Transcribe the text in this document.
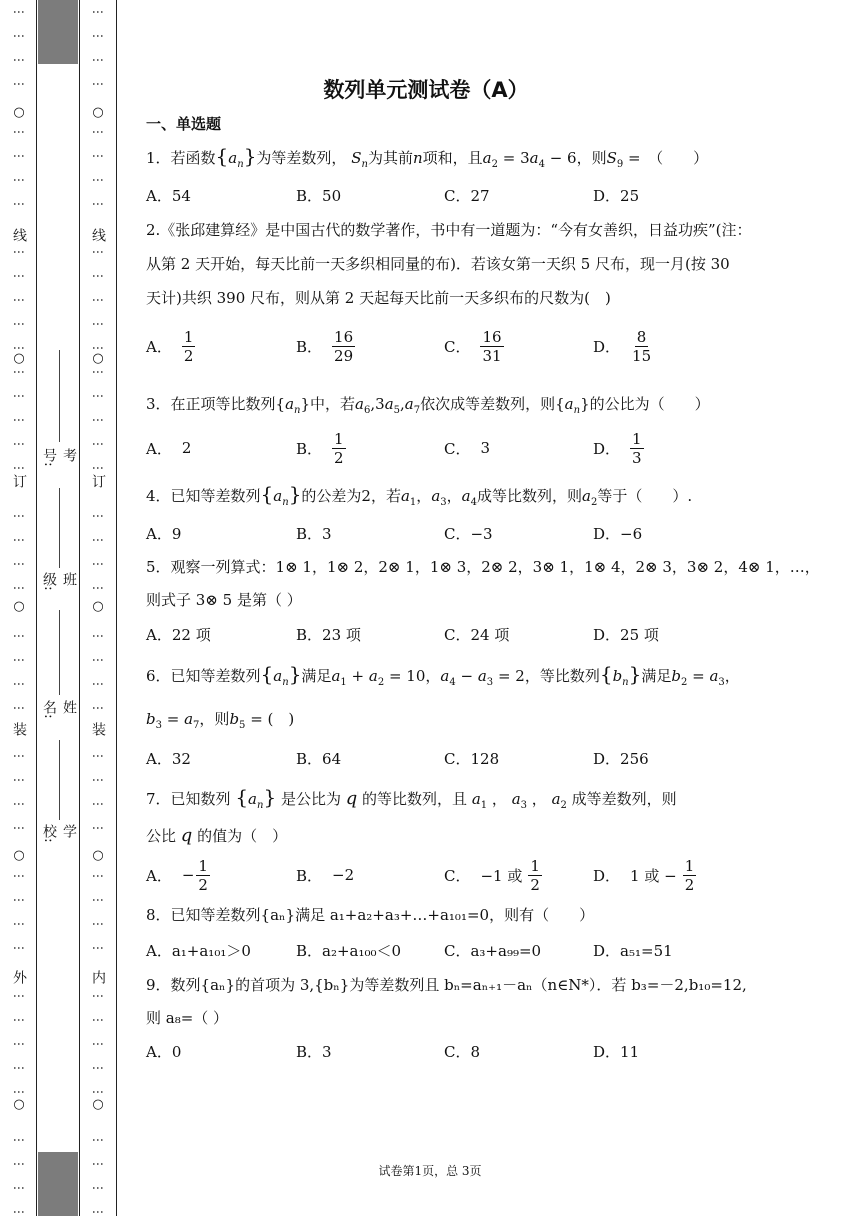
⋮
⋮
⋮
⋮
⋮
⋮
⋮
⋮
⋮
⋮
⋮
⋮
⋮
⋮
⋮
⋮
⋮
⋮
⋮
⋮
⋮
⋮
⋮
⋮
⋮
⋮
⋮
⋮
⋮
⋮
⋮
⋮
⋮
⋮
⋮
⋮
⋮
⋮
⋮
⋮
⋮
⋮
⋮
○
○
○
○
○
线
订
装
外
⋮
⋮
⋮
⋮
⋮
⋮
⋮
⋮
⋮
⋮
⋮
⋮
⋮
⋮
⋮
⋮
⋮
⋮
⋮
⋮
⋮
⋮
⋮
⋮
⋮
⋮
⋮
⋮
⋮
⋮
⋮
⋮
⋮
⋮
⋮
⋮
⋮
⋮
⋮
⋮
⋮
⋮
⋮
○
○
○
○
○
线
订
装
内
学校:
姓名:
班级:
考号:
数列单元测试卷（A）
一、单选题
1．若函数$\{a_n\}$为等差数列， $S_n$为其前n项和，且$a_2 = 3a_4 - 6$，则$S_9$ =　（　　）
A．54	B．50	C．27	D．25
2.《张邱建算经》是中国古代的数学著作，书中有一道题为：“今有女善织，日益功疾”(注：
从第 2 天开始，每天比前一天多织相同量的布)．若该女第一天织 5 尺布，现一月(按 30
天计)共织 390 尺布，则从第 2 天起每天比前一天多织布的尺数为(　)
A． $\frac{1}{2}$	B． $\frac{16}{29}$	C． $\frac{16}{31}$	D． $\frac{8}{15}$
3．在正项等比数列$\{a_n\}$中，若$a_6,3a_5,a_7$依次成等差数列，则$\{a_n\}$的公比为（　　）
A． 2	B． $\frac{1}{2}$	C． 3	D． $\frac{1}{3}$
4．已知等差数列$\{a_n\}$的公差为2，若$a_1$，$a_3$，$a_4$成等比数列，则$a_2$等于（　　）.
A．9	B．3	C．−3	D．−6
5．观察一列算式：1⊗ 1，1⊗ 2，2⊗ 1，1⊗ 3，2⊗ 2，3⊗ 1，1⊗ 4，2⊗ 3，3⊗ 2，4⊗ 1，…，
则式子 3⊗ 5 是第（ ）
A．22 项	B．23 项	C．24 项	D．25 项
6．已知等差数列$\{a_n\}$满足$a_1 + a_2 = 10$，$a_4 - a_3 = 2$，等比数列$\{b_n\}$满足$b_2 = a_3$，
$b_3 = a_7$，则$b_5$ = (　)
A．32	B．64	C．128	D．256
7．已知数列 $\{a_n\}$ 是公比为 q 的等比数列，且 $a_1$ ， $a_3$ ， $a_2$ 成等差数列，则
公比 q 的值为（　）
A． − $\frac{1}{2}$	B． −2	C． −1 或 $\frac{1}{2}$	D． 1 或 − $\frac{1}{2}$
8．已知等差数列{aₙ}满足 a₁+a₂+a₃+…+a₁₀₁=0，则有（　　）
A．a₁+a₁₀₁＞0	B．a₂+a₁₀₀＜0	C．a₃+a₉₉=0	D．a₅₁=51
9．数列{aₙ}的首项为 3,{bₙ}为等差数列且 bₙ=aₙ₊₁－aₙ（n∈N*）．若 b₃=－2,b₁₀=12,
则 a₈=（ ）
A．0	B．3	C．8	D．11
试卷第1页，总 3页
